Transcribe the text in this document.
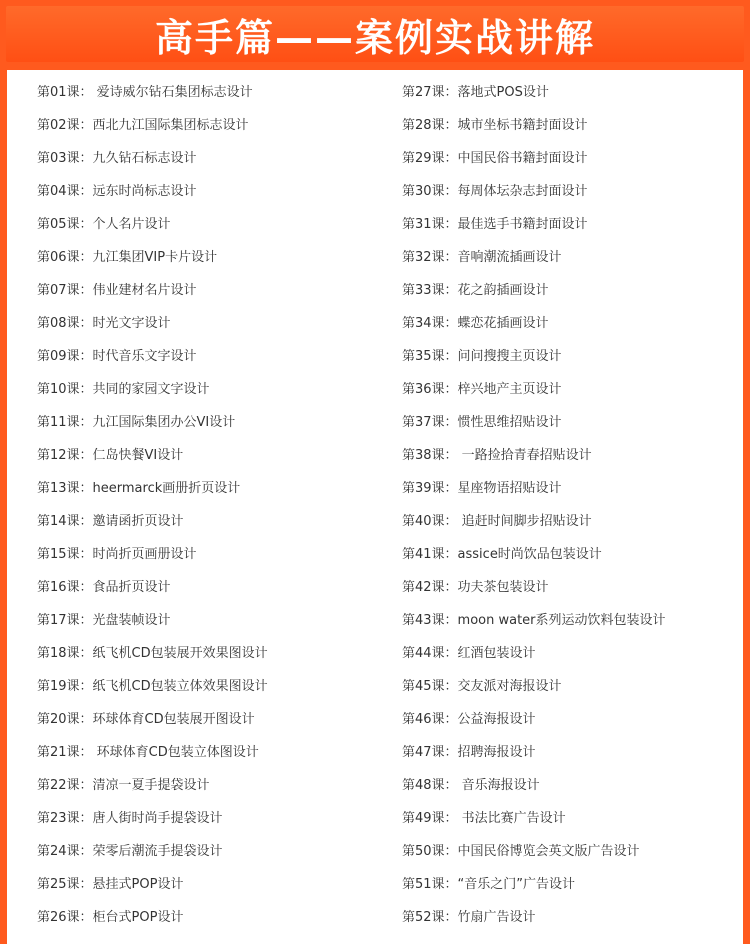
高手篇——案例实战讲解
第01课： 爱诗威尔钻石集团标志设计
第02课：西北九江国际集团标志设计
第03课：九久钻石标志设计
第04课：远东时尚标志设计
第05课：个人名片设计
第06课：九江集团VIP卡片设计
第07课：伟业建材名片设计
第08课：时光文字设计
第09课：时代音乐文字设计
第10课：共同的家园文字设计
第11课：九江国际集团办公VI设计
第12课：仁岛快餐VI设计
第13课：heermarck画册折页设计
第14课：邀请函折页设计
第15课：时尚折页画册设计
第16课：食品折页设计
第17课：光盘装帧设计
第18课：纸飞机CD包装展开效果图设计
第19课：纸飞机CD包装立体效果图设计
第20课：环球体育CD包装展开图设计
第21课： 环球体育CD包装立体图设计
第22课：清凉一夏手提袋设计
第23课：唐人街时尚手提袋设计
第24课：荣零后潮流手提袋设计
第25课：悬挂式POP设计
第26课：柜台式POP设计
第27课：落地式POS设计
第28课：城市坐标书籍封面设计
第29课：中国民俗书籍封面设计
第30课：每周体坛杂志封面设计
第31课：最佳选手书籍封面设计
第32课：音响潮流插画设计
第33课：花之韵插画设计
第34课：蝶恋花插画设计
第35课：问问搜搜主页设计
第36课：梓兴地产主页设计
第37课：惯性思维招贴设计
第38课： 一路捡拾青春招贴设计
第39课：星座物语招贴设计
第40课： 追赶时间脚步招贴设计
第41课：assice时尚饮品包装设计
第42课：功夫茶包装设计
第43课：moon water系列运动饮料包装设计
第44课：红酒包装设计
第45课：交友派对海报设计
第46课：公益海报设计
第47课：招聘海报设计
第48课： 音乐海报设计
第49课： 书法比赛广告设计
第50课：中国民俗博览会英文版广告设计
第51课：“音乐之门”广告设计
第52课：竹扇广告设计
